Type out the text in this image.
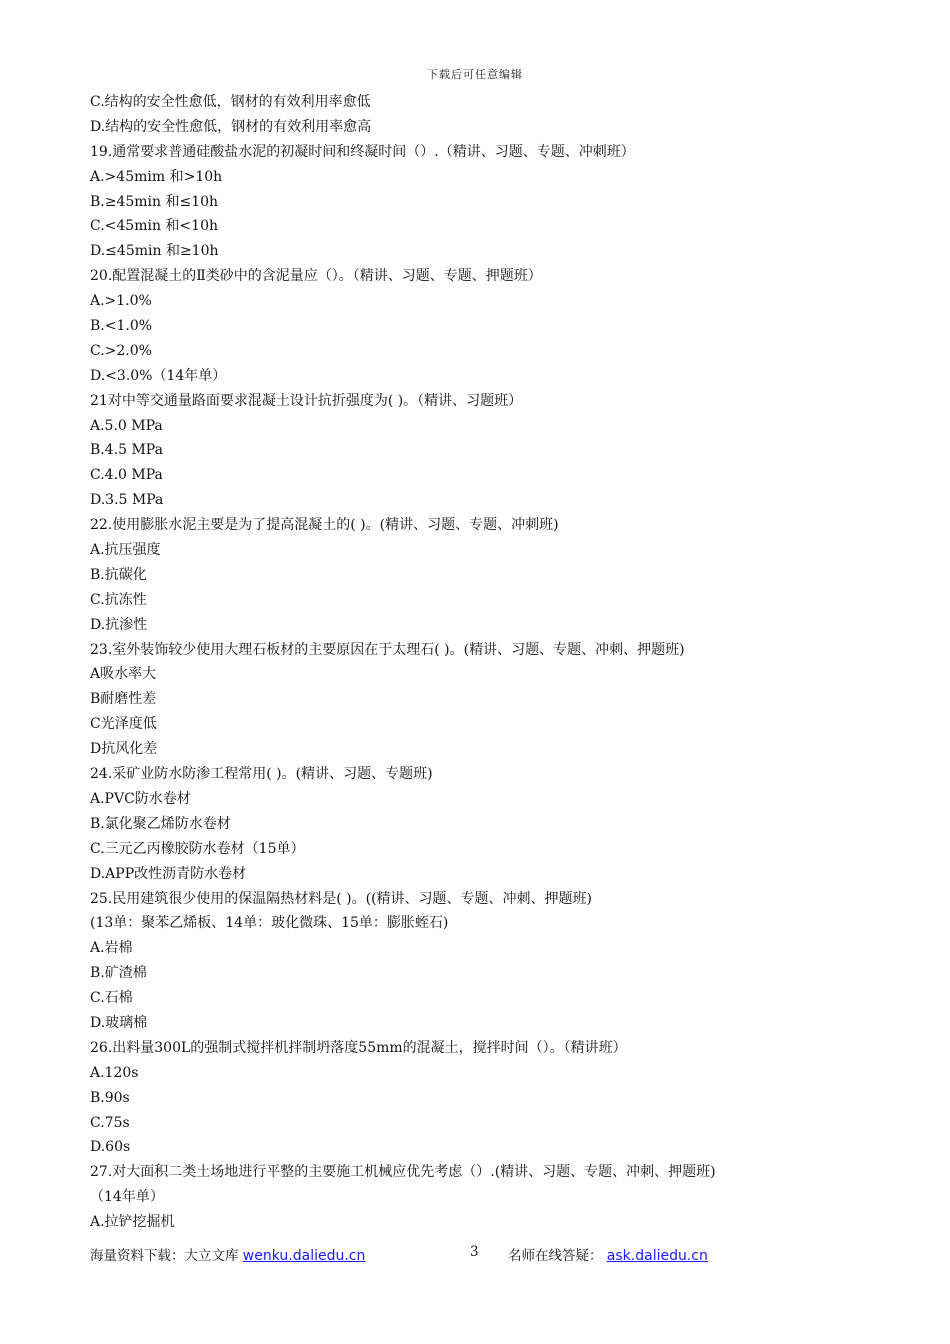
下载后可任意编辑
C.结构的安全性愈低，钢材的有效利用率愈低
D.结构的安全性愈低，钢材的有效利用率愈高
19.通常要求普通硅酸盐水泥的初凝时间和终凝时间（）.（精讲、习题、专题、冲刺班）
A.>45mim 和>10h
B.≥45min 和≤10h
C.<45min 和<10h
D.≤45min 和≥10h
20.配置混凝土的Ⅱ类砂中的含泥量应（）。（精讲、习题、专题、押题班）
A.>1.0%
B.<1.0%
C.>2.0%
D.<3.0%（14年单）
21对中等交通量路面要求混凝土设计抗折强度为( )。（精讲、习题班）
A.5.0 MPa
B.4.5 MPa
C.4.0 MPa
D.3.5 MPa
22.使用膨胀水泥主要是为了提高混凝土的( )。(精讲、习题、专题、冲刺班)
A.抗压强度
B.抗碳化
C.抗冻性
D.抗渗性
23.室外装饰较少使用大理石板材的主要原因在于太理石( )。(精讲、习题、专题、冲刺、押题班)
A吸水率大
B耐磨性差
C光泽度低
D抗风化差
24.采矿业防水防渗工程常用( )。(精讲、习题、专题班)
A.PVC防水卷材
B.氯化聚乙烯防水卷材
C.三元乙丙橡胶防水卷材（15单）
D.APP改性沥青防水卷材
25.民用建筑很少使用的保温隔热材料是( )。((精讲、习题、专题、冲刺、押题班)
(13单：聚苯乙烯板、14单：玻化微珠、15单：膨胀蛭石)
A.岩棉
B.矿渣棉
C.石棉
D.玻璃棉
26.出料量300L的强制式搅拌机拌制坍落度55mm的混凝土，搅拌时间（）。（精讲班）
A.120s
B.90s
C.75s
D.60s
27.对大面积二类土场地进行平整的主要施工机械应优先考虑（）.(精讲、习题、专题、冲刺、押题班)
（14年单）
A.拉铲挖掘机
海量资料下载：大立文库 wenku.daliedu.cn	3 名师在线答疑： ask.daliedu.cn
